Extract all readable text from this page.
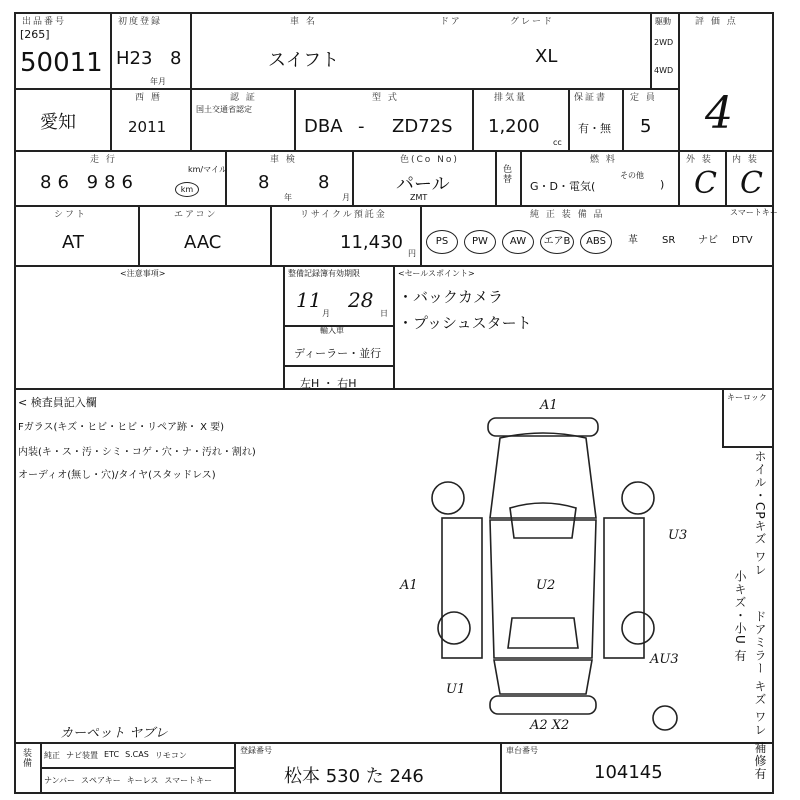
出品番号
[265]
50011
初度登録
H23 8
年月
車 名	ドア	グレード
スイフト	XL
駆動
2WD
4WD
評 価 点
4
愛知
西 暦
2011
認 証
国土交通省認定
型 式
DBA - ZD72S
排気量
1,200
cc
保証書
有・無
定 員
5
走 行
86 986
km/マイル
km
車 検
8
年
8
月
色(Co No)
パール
ZMT
色替
燃 料
G・D・電気(
その他
)
外 装
C
内 装
C
シフト
AT
エアコン
AAC
リサイクル預託金
11,430
円
純 正 装 備 品	スマートキー
PS	PW	AW	エアB	ABS	革	SR	ナビ	DTV
<注意事項>	整備記録簿有効期限
11
月
28
日
輸入車
ディーラー・並行
左H ・ 右H
<セールスポイント>
・バックカメラ
・プッシュスタート
< 検査員記入欄
Fガラス(キズ・ヒビ・ヒビ・リペア跡・ X 要)
内装(キ・ス・汚・シミ・コゲ・穴・ナ・汚れ・割れ)
オーディオ(無し・穴)/タイヤ(スタッドレス)
キーロック
ホイル・CPキズ ワレ
小キズ・小U 有 ドアミラー キズ ワレ 補修有
A1
U3
A1	U2
AU3
U1
A2 X2
カーペット ヤブレ
装備 純正 ナビ装置 ETC S.CAS リモコン
ナンバー スペアキー キーレス スマートキー
登録番号
松本 530 た 246
車台番号
104145
